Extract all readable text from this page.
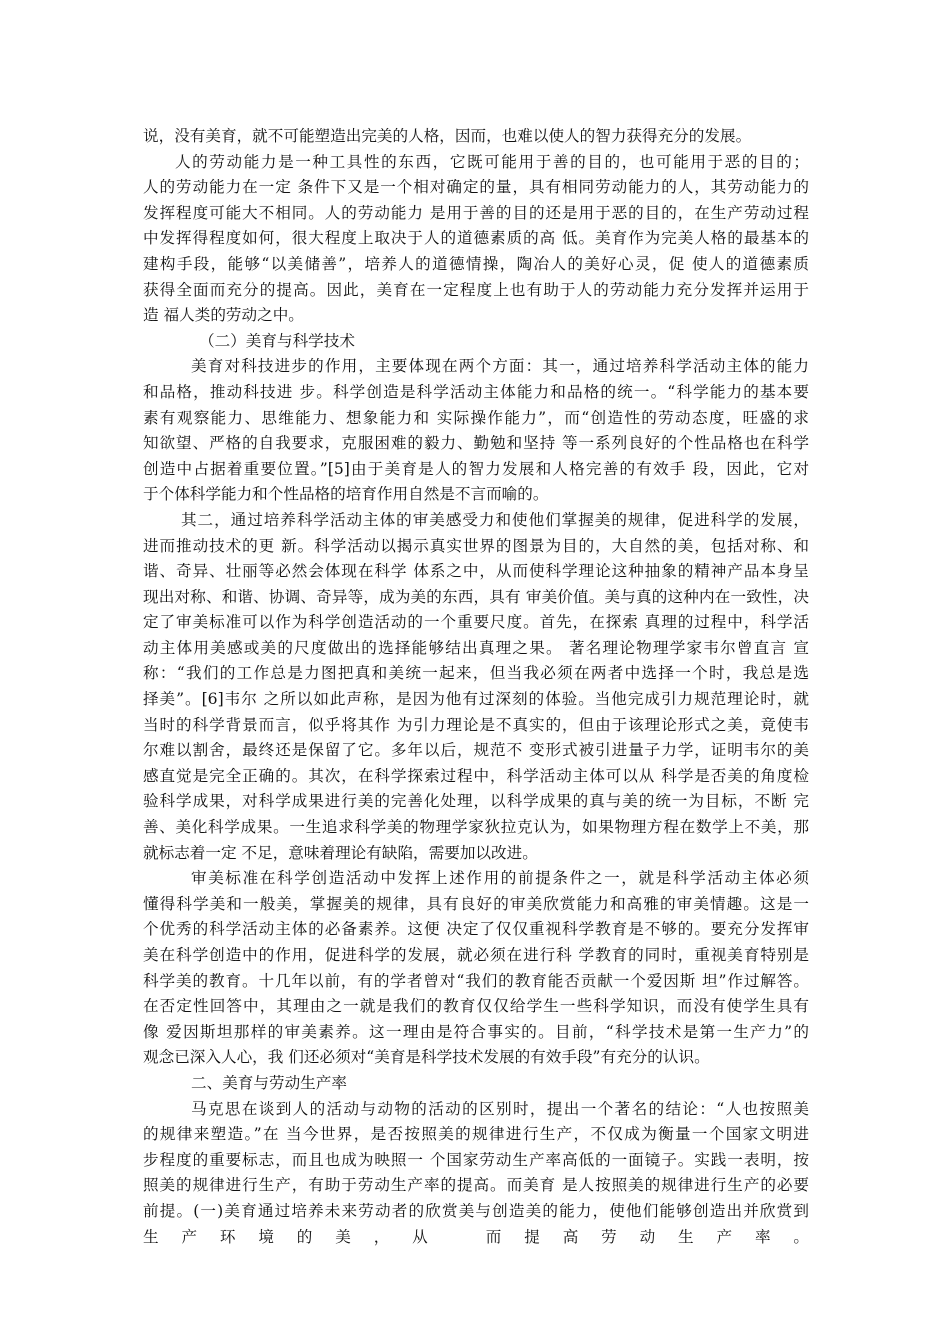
说，没有美育，就不可能塑造出完美的人格，因而，也难以使人的智力获得充分的发展。
人的劳动能力是一种工具性的东西，它既可能用于善的目的，也可能用于恶的目的；
人的劳动能力在一定 条件下又是一个相对确定的量，具有相同劳动能力的人，其劳动能力的
发挥程度可能大不相同。人的劳动能力 是用于善的目的还是用于恶的目的，在生产劳动过程
中发挥得程度如何，很大程度上取决于人的道德素质的高 低。美育作为完美人格的最基本的
建构手段，能够“以美储善”，培养人的道德情操，陶冶人的美好心灵，促 使人的道德素质
获得全面而充分的提高。因此，美育在一定程度上也有助于人的劳动能力充分发挥并运用于
造 福人类的劳动之中。
（二）美育与科学技术
美育对科技进步的作用，主要体现在两个方面：其一，通过培养科学活动主体的能力
和品格，推动科技进 步。科学创造是科学活动主体能力和品格的统一。“科学能力的基本要
素有观察能力、思维能力、想象能力和 实际操作能力”，而“创造性的劳动态度，旺盛的求
知欲望、严格的自我要求，克服困难的毅力、勤勉和坚持 等一系列良好的个性品格也在科学
创造中占据着重要位置。”[5]由于美育是人的智力发展和人格完善的有效手 段，因此，它对
于个体科学能力和个性品格的培育作用自然是不言而喻的。
其二，通过培养科学活动主体的审美感受力和使他们掌握美的规律，促进科学的发展，
进而推动技术的更 新。科学活动以揭示真实世界的图景为目的，大自然的美，包括对称、和
谐、奇异、壮丽等必然会体现在科学 体系之中，从而使科学理论这种抽象的精神产品本身呈
现出对称、和谐、协调、奇异等，成为美的东西，具有 审美价值。美与真的这种内在一致性，决
定了审美标准可以作为科学创造活动的一个重要尺度。首先，在探索 真理的过程中，科学活
动主体用美感或美的尺度做出的选择能够结出真理之果。 著名理论物理学家韦尔曾直言 宣
称：“我们的工作总是力图把真和美统一起来，但当我必须在两者中选择一个时，我总是选
择美”。[6]韦尔 之所以如此声称，是因为他有过深刻的体验。当他完成引力规范理论时，就
当时的科学背景而言，似乎将其作 为引力理论是不真实的，但由于该理论形式之美，竟使韦
尔难以割舍，最终还是保留了它。多年以后，规范不 变形式被引进量子力学，证明韦尔的美
感直觉是完全正确的。其次，在科学探索过程中，科学活动主体可以从 科学是否美的角度检
验科学成果，对科学成果进行美的完善化处理，以科学成果的真与美的统一为目标，不断 完
善、美化科学成果。一生追求科学美的物理学家狄拉克认为，如果物理方程在数学上不美，那
就标志着一定 不足，意味着理论有缺陷，需要加以改进。
审美标准在科学创造活动中发挥上述作用的前提条件之一，就是科学活动主体必须
懂得科学美和一般美，掌握美的规律，具有良好的审美欣赏能力和高雅的审美情趣。这是一
个优秀的科学活动主体的必备素养。这便 决定了仅仅重视科学教育是不够的。要充分发挥审
美在科学创造中的作用，促进科学的发展，就必须在进行科 学教育的同时，重视美育特别是
科学美的教育。十几年以前，有的学者曾对“我们的教育能否贡献一个爱因斯 坦”作过解答。
在否定性回答中，其理由之一就是我们的教育仅仅给学生一些科学知识，而没有使学生具有
像 爱因斯坦那样的审美素养。这一理由是符合事实的。目前，“科学技术是第一生产力”的
观念已深入人心，我 们还必须对“美育是科学技术发展的有效手段”有充分的认识。
二、美育与劳动生产率
马克思在谈到人的活动与动物的活动的区别时，提出一个著名的结论：“人也按照美
的规律来塑造。”在 当今世界，是否按照美的规律进行生产，不仅成为衡量一个国家文明进
步程度的重要标志，而且也成为映照一 个国家劳动生产率高低的一面镜子。实践一表明，按
照美的规律进行生产，有助于劳动生产率的提高。而美育 是人按照美的规律进行生产的必要
前提。(一)美育通过培养未来劳动者的欣赏美与创造美的能力，使他们能够创造出并欣赏到
生 产 环 境 的 美 ， 从　　而 提 高 劳 动 生 产 率 。
